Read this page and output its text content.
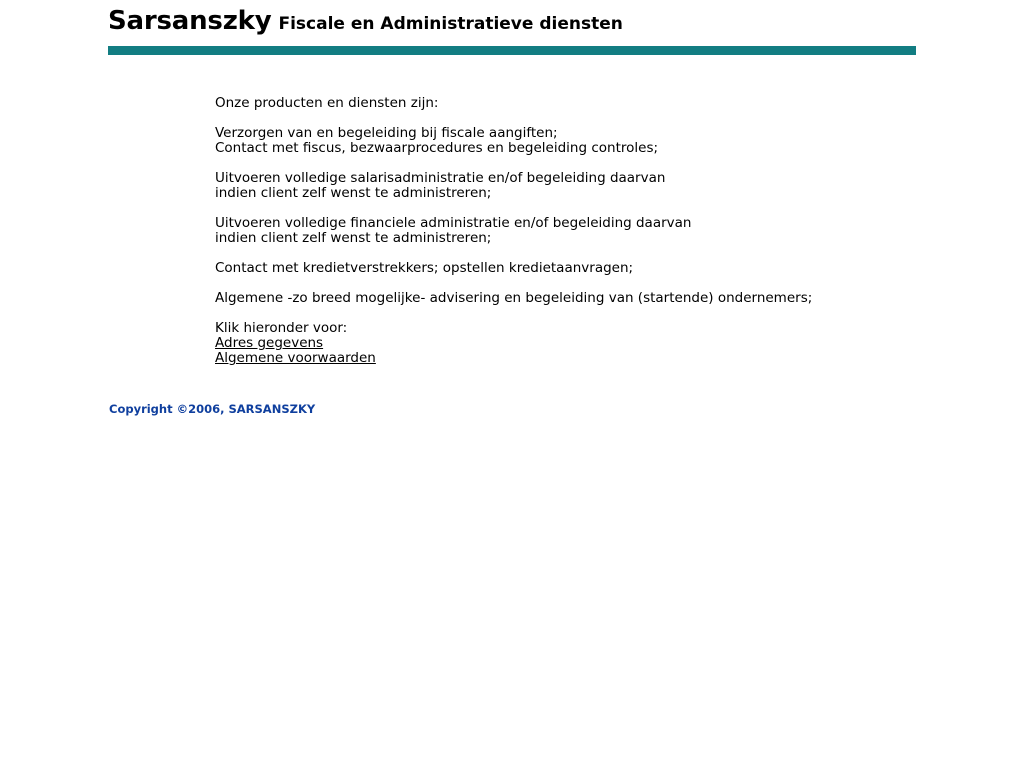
Sarsanszky Fiscale en Administratieve diensten

Onze producten en diensten zijn:

Verzorgen van en begeleiding bij fiscale aangiften;
Contact met fiscus, bezwaarprocedures en begeleiding controles;

Uitvoeren volledige salarisadministratie en/of begeleiding daarvan
indien client zelf wenst te administreren;

Uitvoeren volledige financiele administratie en/of begeleiding daarvan
indien client zelf wenst te administreren;

Contact met kredietverstrekkers; opstellen kredietaanvragen;

Algemene -zo breed mogelijke- advisering en begeleiding van (startende) ondernemers;

Klik hieronder voor:
Adres gegevens
Algemene voorwaarden

Copyright ©2006, SARSANSZKY
